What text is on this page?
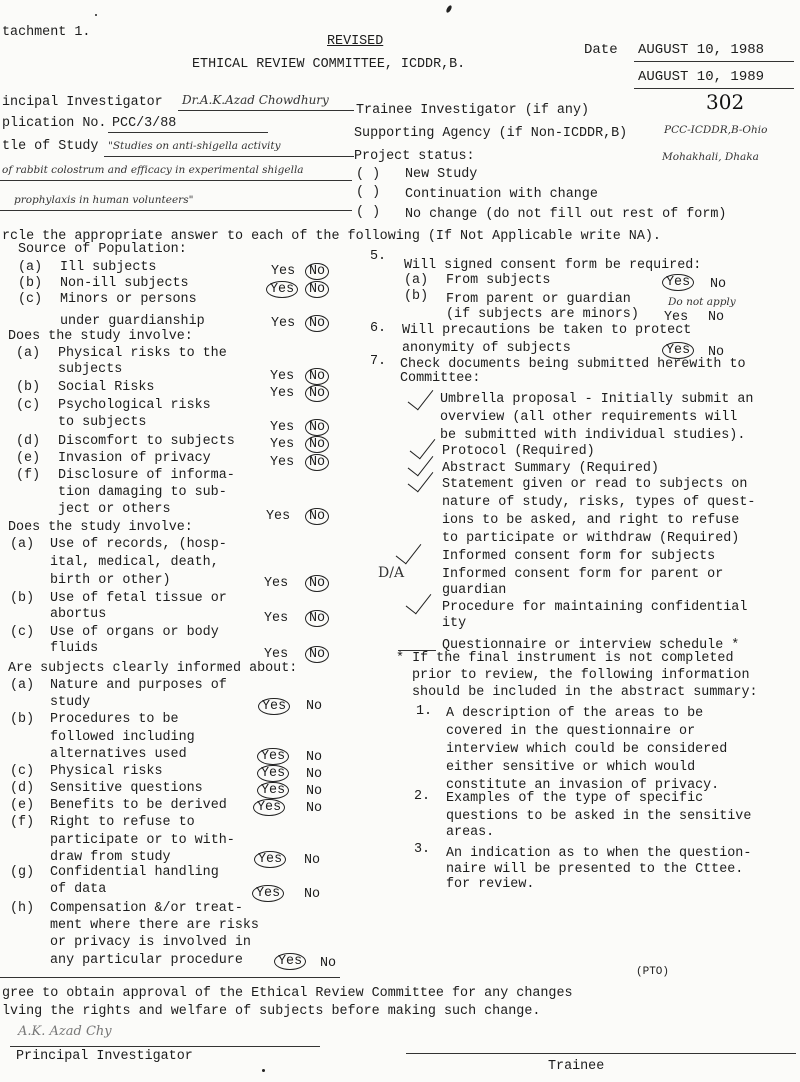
tachment 1.
REVISED
ETHICAL REVIEW COMMITTEE, ICDDR,B.
Date AUGUST 10, 1988
AUGUST 10, 1989
302
incipal Investigator Dr.A.K.Azad Chowdhury
Trainee Investigator (if any)
plication No. PCC/3/88
Supporting Agency (if Non-ICDDR,B)	PCC-ICDDR,B-Ohio
Mohakhali, Dhaka
tle of Study "Studies on anti-shigella activity
of rabbit colostrum and efficacy in experimental shigella
prophylaxis in human volunteers"
Project status:
( ) New Study
( ) Continuation with change
( ) No change (do not fill out rest of form)
rcle the appropriate answer to each of the following (If Not Applicable write NA).
Source of Population:
(a) Ill subjects	Yes No
(b) Non-ill subjects	Yes No
(c) Minors or persons
under guardianship	Yes No
Does the study involve:
(a) Physical risks to the
subjects	Yes No
(b) Social Risks	Yes No
(c) Psychological risks
to subjects	Yes No
(d) Discomfort to subjects	Yes No
(e) Invasion of privacy	Yes No
(f) Disclosure of informa-
tion damaging to sub-
ject or others	Yes No
Does the study involve:
(a) Use of records, (hosp-
ital, medical, death,
birth or other)	Yes No
(b) Use of fetal tissue or
abortus	Yes No
(c) Use of organs or body
fluids	Yes No
Are subjects clearly informed about:
(a) Nature and purposes of
study	Yes No
(b) Procedures to be
followed including
alternatives used	Yes No
(c) Physical risks	Yes No
(d) Sensitive questions	Yes No
(e) Benefits to be derived Yes No
(f) Right to refuse to
participate or to with-
draw from study	Yes No
(g) Confidential handling
of data	Yes No
(h) Compensation &/or treat-
ment where there are risks
or privacy is involved in
any particular procedure	Yes No
5.
Will signed consent form be required:
(a) From subjects	Yes No
(b) From parent or guardian
(if subjects are minors) Yes No
Do not apply
6. Will precautions be taken to protect
anonymity of subjects	Yes No
7. Check documents being submitted herewith to
Committee:
Umbrella proposal - Initially submit an
overview (all other requirements will
be submitted with individual studies).
Protocol (Required)
Abstract Summary (Required)
Statement given or read to subjects on
nature of study, risks, types of quest-
ions to be asked, and right to refuse
to participate or withdraw (Required)
Informed consent form for subjects
D/A	Informed consent form for parent or
guardian
Procedure for maintaining confidential
ity
Questionnaire or interview schedule *
* If the final instrument is not completed
prior to review, the following information
should be included in the abstract summary:
1. A description of the areas to be
covered in the questionnaire or
interview which could be considered
either sensitive or which would
constitute an invasion of privacy.
2. Examples of the type of specific
questions to be asked in the sensitive
areas.
3. An indication as to when the question-
naire will be presented to the Cttee.
for review.
(PTO)
gree to obtain approval of the Ethical Review Committee for any changes
lving the rights and welfare of subjects before making such change.
A.K. Azad Chy
Principal Investigator
Trainee
